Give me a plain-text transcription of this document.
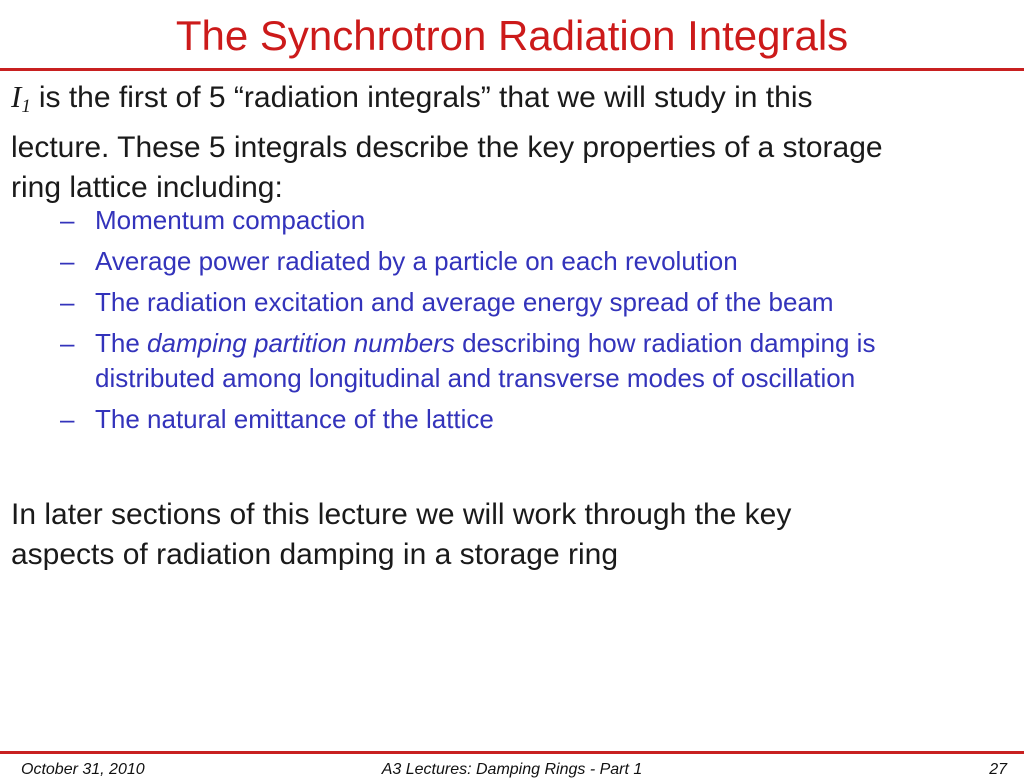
The Synchrotron Radiation Integrals
$I_1$ is the first of 5 “radiation integrals” that we will study in this
lecture. These 5 integrals describe the key properties of a storage
ring lattice including:
– Momentum compaction
– Average power radiated by a particle on each revolution
– The radiation excitation and average energy spread of the beam
– The damping partition numbers describing how radiation damping is
distributed among longitudinal and transverse modes of oscillation
– The natural emittance of the lattice
In later sections of this lecture we will work through the key
aspects of radiation damping in a storage ring
A3 Lectures: Damping Rings - Part 1
October 31, 2010	27
